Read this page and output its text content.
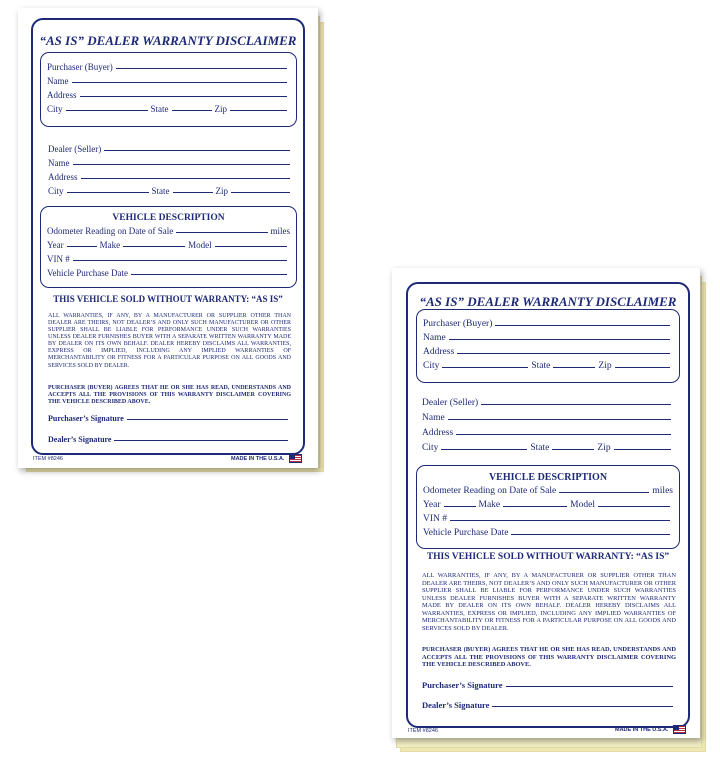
“AS IS” DEALER WARRANTY DISCLAIMER
Purchaser (Buyer)
Name
Address
City	State	Zip
Dealer (Seller)
Name
Address
City	State	Zip
VEHICLE DESCRIPTION
Odometer Reading on Date of Sale	miles
Year	Make	Model
VIN #
Vehicle Purchase Date
THIS VEHICLE SOLD WITHOUT WARRANTY: “AS IS”
ALL WARRANTIES, IF ANY, BY A MANUFACTURER OR SUPPLIER OTHER THAN DEALER ARE THEIRS, NOT DEALER’S AND ONLY SUCH MANUFACTURER OR OTHER SUPPLIER SHALL BE LIABLE FOR PERFORMANCE UNDER SUCH WARRANTIES UNLESS DEALER FURNISHES BUYER WITH A SEPARATE WRITTEN WARRANTY MADE BY DEALER ON ITS OWN BEHALF. DEALER HEREBY DISCLAIMS ALL WARRANTIES, EXPRESS OR IMPLIED, INCLUDING ANY IMPLIED WARRANTIES OF MERCHANTABILITY OR FITNESS FOR A PARTICULAR PURPOSE ON ALL GOODS AND SERVICES SOLD BY DEALER.
PURCHASER (BUYER) AGREES THAT HE OR SHE HAS READ, UNDERSTANDS AND ACCEPTS ALL THE PROVISIONS OF THIS WARRANTY DISCLAIMER COVERING THE VEHICLE DESCRIBED ABOVE.
Purchaser’s Signature
Dealer’s Signature
ITEM #8246	MADE IN THE U.S.A.
“AS IS” DEALER WARRANTY DISCLAIMER
Purchaser (Buyer)
Name
Address
City	State	Zip
Dealer (Seller)
Name
Address
City	State	Zip
VEHICLE DESCRIPTION
Odometer Reading on Date of Sale	miles
Year	Make	Model
VIN #
Vehicle Purchase Date
THIS VEHICLE SOLD WITHOUT WARRANTY: “AS IS”
ALL WARRANTIES, IF ANY, BY A MANUFACTURER OR SUPPLIER OTHER THAN DEALER ARE THEIRS, NOT DEALER’S AND ONLY SUCH MANUFACTURER OR OTHER SUPPLIER SHALL BE LIABLE FOR PERFORMANCE UNDER SUCH WARRANTIES UNLESS DEALER FURNISHES BUYER WITH A SEPARATE WRITTEN WARRANTY MADE BY DEALER ON ITS OWN BEHALF. DEALER HEREBY DISCLAIMS ALL WARRANTIES, EXPRESS OR IMPLIED, INCLUDING ANY IMPLIED WARRANTIES OF MERCHANTABILITY OR FITNESS FOR A PARTICULAR PURPOSE ON ALL GOODS AND SERVICES SOLD BY DEALER.
PURCHASER (BUYER) AGREES THAT HE OR SHE HAS READ, UNDERSTANDS AND ACCEPTS ALL THE PROVISIONS OF THIS WARRANTY DISCLAIMER COVERING THE VEHICLE DESCRIBED ABOVE.
Purchaser’s Signature
Dealer’s Signature
ITEM #8246	MADE IN THE U.S.A.
